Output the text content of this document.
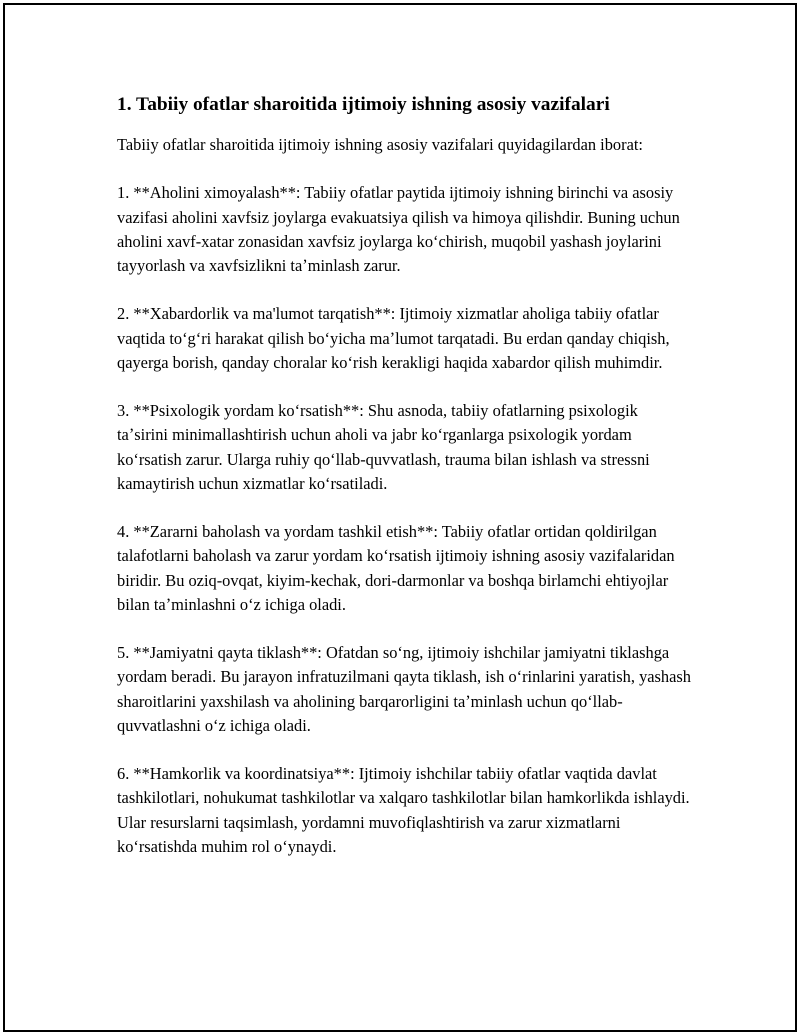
1. Tabiiy ofatlar sharoitida ijtimoiy ishning asosiy vazifalari

Tabiiy ofatlar sharoitida ijtimoiy ishning asosiy vazifalari quyidagilardan iborat:

1. **Aholini ximoyalash**: Tabiiy ofatlar paytida ijtimoiy ishning birinchi va asosiy vazifasi aholini xavfsiz joylarga evakuatsiya qilish va himoya qilishdir. Buning uchun aholini xavf-xatar zonasidan xavfsiz joylarga koʻchirish, muqobil yashash joylarini tayyorlash va xavfsizlikni taʼminlash zarur.

2. **Xabardorlik va ma'lumot tarqatish**: Ijtimoiy xizmatlar aholiga tabiiy ofatlar vaqtida toʻgʻri harakat qilish boʻyicha maʼlumot tarqatadi. Bu erdan qanday chiqish, qayerga borish, qanday choralar koʻrish kerakligi haqida xabardor qilish muhimdir.

3. **Psixologik yordam koʻrsatish**: Shu asnoda, tabiiy ofatlarning psixologik taʼsirini minimallashtirish uchun aholi va jabr koʻrganlarga psixologik yordam koʻrsatish zarur. Ularga ruhiy qoʻllab-quvvatlash, trauma bilan ishlash va stressni kamaytirish uchun xizmatlar koʻrsatiladi.

4. **Zararni baholash va yordam tashkil etish**: Tabiiy ofatlar ortidan qoldirilgan talafotlarni baholash va zarur yordam koʻrsatish ijtimoiy ishning asosiy vazifalaridan biridir. Bu oziq-ovqat, kiyim-kechak, dori-darmonlar va boshqa birlamchi ehtiyojlar bilan taʼminlashni oʻz ichiga oladi.

5. **Jamiyatni qayta tiklash**: Ofatdan soʻng, ijtimoiy ishchilar jamiyatni tiklashga yordam beradi. Bu jarayon infratuzilmani qayta tiklash, ish oʻrinlarini yaratish, yashash sharoitlarini yaxshilash va aholining barqarorligini taʼminlash uchun qoʻllab-quvvatlashni oʻz ichiga oladi.

6. **Hamkorlik va koordinatsiya**: Ijtimoiy ishchilar tabiiy ofatlar vaqtida davlat tashkilotlari, nohukumat tashkilotlar va xalqaro tashkilotlar bilan hamkorlikda ishlaydi. Ular resurslarni taqsimlash, yordamni muvofiqlashtirish va zarur xizmatlarni koʻrsatishda muhim rol oʻynaydi.
